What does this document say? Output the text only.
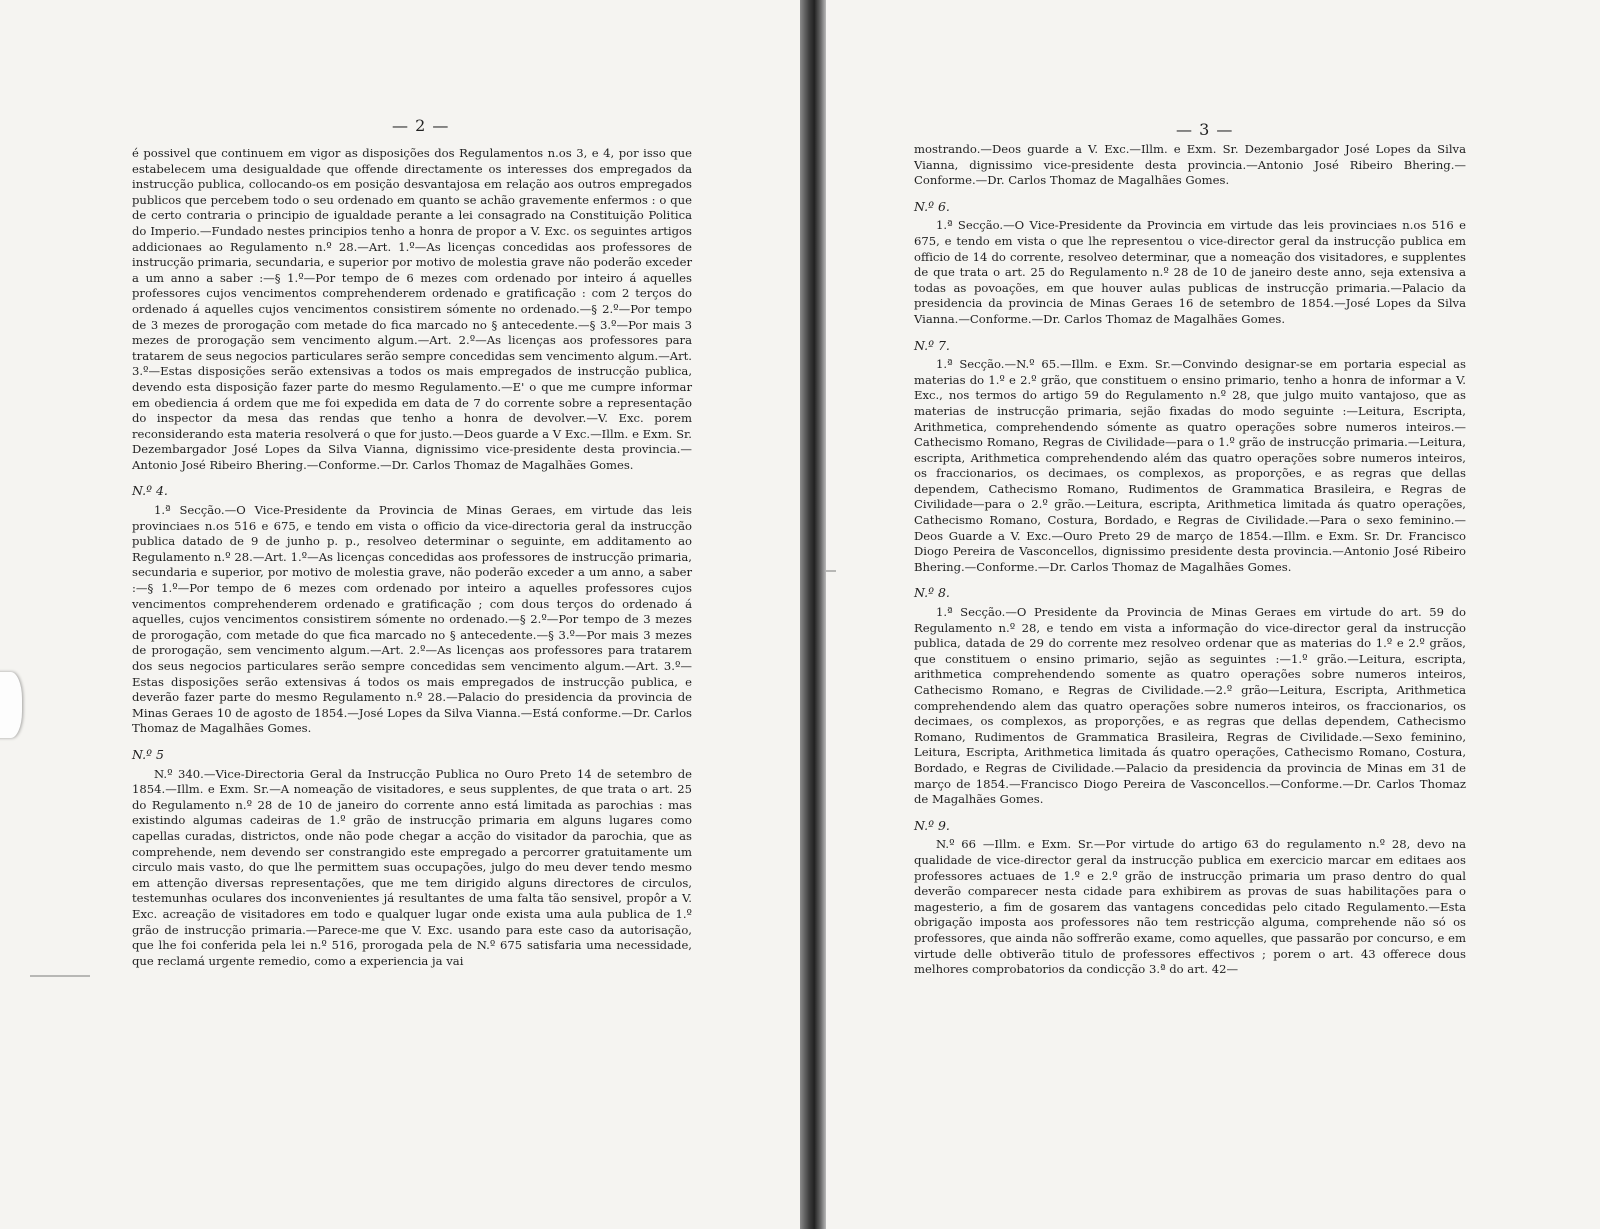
— 2 —

é possivel que continuem em vigor as disposições dos Regulamentos n.os 3, e 4, por isso que estabelecem uma desigualdade que offende directamente os interesses dos empregados da instrucção publica, collocando-os em posição desvantajosa em relação aos outros empregados publicos que percebem todo o seu ordenado em quanto se achão gravemente enfermos : o que de certo contraria o principio de igualdade perante a lei consagrado na Constituição Politica do Imperio.—Fundado nestes principios tenho a honra de propor a V. Exc. os seguintes artigos addicionaes ao Regulamento n.º 28.—Art. 1.º—As licenças concedidas aos professores de instrucção primaria, secundaria, e superior por motivo de molestia grave não poderão exceder a um anno a saber :—§ 1.º—Por tempo de 6 mezes com ordenado por inteiro á aquelles professores cujos vencimentos comprehenderem ordenado e gratificação : com 2 terços do ordenado á aquelles cujos vencimentos consistirem sómente no ordenado.—§ 2.º—Por tempo de 3 mezes de prorogação com metade do fica marcado no § antecedente.—§ 3.º—Por mais 3 mezes de prorogação sem vencimento algum.—Art. 2.º—As licenças aos professores para tratarem de seus negocios particulares serão sempre concedidas sem vencimento algum.—Art. 3.º—Estas disposições serão extensivas a todos os mais empregados de instrucção publica, devendo esta disposição fazer parte do mesmo Regulamento.—E' o que me cumpre informar em obediencia á ordem que me foi expedida em data de 7 do corrente sobre a representação do inspector da mesa das rendas que tenho a honra de devolver.—V. Exc. porem reconsiderando esta materia resolverá o que for justo.—Deos guarde a V Exc.—Illm. e Exm. Sr. Dezembargador José Lopes da Silva Vianna, dignissimo vice-presidente desta provincia.—Antonio José Ribeiro Bhering.—Conforme.—Dr. Carlos Thomaz de Magalhães Gomes.

N.º 4.

1.ª Secção.—O Vice-Presidente da Provincia de Minas Geraes, em virtude das leis provinciaes n.os 516 e 675, e tendo em vista o officio da vice-directoria geral da instrucção publica datado de 9 de junho p. p., resolveo determinar o seguinte, em additamento ao Regulamento n.º 28.—Art. 1.º—As licenças concedidas aos professores de instrucção primaria, secundaria e superior, por motivo de molestia grave, não poderão exceder a um anno, a saber :—§ 1.º—Por tempo de 6 mezes com ordenado por inteiro a aquelles professores cujos vencimentos comprehenderem ordenado e gratificação ; com dous terços do ordenado á aquelles, cujos vencimentos consistirem sómente no ordenado.—§ 2.º—Por tempo de 3 mezes de prorogação, com metade do que fica marcado no § antecedente.—§ 3.º—Por mais 3 mezes de prorogação, sem vencimento algum.—Art. 2.º—As licenças aos professores para tratarem dos seus negocios particulares serão sempre concedidas sem vencimento algum.—Art. 3.º—Estas disposições serão extensivas á todos os mais empregados de instrucção publica, e deverão fazer parte do mesmo Regulamento n.º 28.—Palacio do presidencia da provincia de Minas Geraes 10 de agosto de 1854.—José Lopes da Silva Vianna.—Está conforme.—Dr. Carlos Thomaz de Magalhães Gomes.

N.º 5

N.º 340.—Vice-Directoria Geral da Instrucção Publica no Ouro Preto 14 de setembro de 1854.—Illm. e Exm. Sr.—A nomeação de visitadores, e seus supplentes, de que trata o art. 25 do Regulamento n.º 28 de 10 de janeiro do corrente anno está limitada as parochias : mas existindo algumas cadeiras de 1.º grão de instrucção primaria em alguns lugares como capellas curadas, districtos, onde não pode chegar a acção do visitador da parochia, que as comprehende, nem devendo ser constrangido este empregado a percorrer gratuitamente um circulo mais vasto, do que lhe permittem suas occupações, julgo do meu dever tendo mesmo em attenção diversas representações, que me tem dirigido alguns directores de circulos, testemunhas oculares dos inconvenientes já resultantes de uma falta tão sensivel, propôr a V. Exc. acreação de visitadores em todo e qualquer lugar onde exista uma aula publica de 1.º grão de instrucção primaria.—Parece-me que V. Exc. usando para este caso da autorisação, que lhe foi conferida pela lei n.º 516, prorogada pela de N.º 675 satisfaria uma necessidade, que reclamá urgente remedio, como a experiencia ja vai

— 3 —

mostrando.—Deos guarde a V. Exc.—Illm. e Exm. Sr. Dezembargador José Lopes da Silva Vianna, dignissimo vice-presidente desta provincia.—Antonio José Ribeiro Bhering.—Conforme.—Dr. Carlos Thomaz de Magalhães Gomes.

N.º 6.

1.ª Secção.—O Vice-Presidente da Provincia em virtude das leis provinciaes n.os 516 e 675, e tendo em vista o que lhe representou o vice-director geral da instrucção publica em officio de 14 do corrente, resolveo determinar, que a nomeação dos visitadores, e supplentes de que trata o art. 25 do Regulamento n.º 28 de 10 de janeiro deste anno, seja extensiva a todas as povoações, em que houver aulas publicas de instrucção primaria.—Palacio da presidencia da provincia de Minas Geraes 16 de setembro de 1854.—José Lopes da Silva Vianna.—Conforme.—Dr. Carlos Thomaz de Magalhães Gomes.

N.º 7.

1.ª Secção.—N.º 65.—Illm. e Exm. Sr.—Convindo designar-se em portaria especial as materias do 1.º e 2.º grão, que constituem o ensino primario, tenho a honra de informar a V. Exc., nos termos do artigo 59 do Regulamento n.º 28, que julgo muito vantajoso, que as materias de instrucção primaria, sejão fixadas do modo seguinte :—Leitura, Escripta, Arithmetica, comprehendendo sómente as quatro operações sobre numeros inteiros.—Cathecismo Romano, Regras de Civilidade—para o 1.º grão de instrucção primaria.—Leitura, escripta, Arithmetica comprehendendo além das quatro operações sobre numeros inteiros, os fraccionarios, os decimaes, os complexos, as proporções, e as regras que dellas dependem, Cathecismo Romano, Rudimentos de Grammatica Brasileira, e Regras de Civilidade—para o 2.º grão.—Leitura, escripta, Arithmetica limitada ás quatro operações, Cathecismo Romano, Costura, Bordado, e Regras de Civilidade.—Para o sexo feminino.—Deos Guarde a V. Exc.—Ouro Preto 29 de março de 1854.—Illm. e Exm. Sr. Dr. Francisco Diogo Pereira de Vasconcellos, dignissimo presidente desta provincia.—Antonio José Ribeiro Bhering.—Conforme.—Dr. Carlos Thomaz de Magalhães Gomes.

N.º 8.

1.ª Secção.—O Presidente da Provincia de Minas Geraes em virtude do art. 59 do Regulamento n.º 28, e tendo em vista a informação do vice-director geral da instrucção publica, datada de 29 do corrente mez resolveo ordenar que as materias do 1.º e 2.º grãos, que constituem o ensino primario, sejão as seguintes :—1.º grão.—Leitura, escripta, arithmetica comprehendendo somente as quatro operações sobre numeros inteiros, Cathecismo Romano, e Regras de Civilidade.—2.º grão—Leitura, Escripta, Arithmetica comprehendendo alem das quatro operações sobre numeros inteiros, os fraccionarios, os decimaes, os complexos, as proporções, e as regras que dellas dependem, Cathecismo Romano, Rudimentos de Grammatica Brasileira, Regras de Civilidade.—Sexo feminino, Leitura, Escripta, Arithmetica limitada ás quatro operações, Cathecismo Romano, Costura, Bordado, e Regras de Civilidade.—Palacio da presidencia da provincia de Minas em 31 de março de 1854.—Francisco Diogo Pereira de Vasconcellos.—Conforme.—Dr. Carlos Thomaz de Magalhães Gomes.

N.º 9.

N.º 66 —Illm. e Exm. Sr.—Por virtude do artigo 63 do regulamento n.º 28, devo na qualidade de vice-director geral da instrucção publica em exercicio marcar em editaes aos professores actuaes de 1.º e 2.º grão de instrucção primaria um praso dentro do qual deverão comparecer nesta cidade para exhibirem as provas de suas habilitações para o magesterio, a fim de gosarem das vantagens concedidas pelo citado Regulamento.—Esta obrigação imposta aos professores não tem restricção alguma, comprehende não só os professores, que ainda não soffrerão exame, como aquelles, que passarão por concurso, e em virtude delle obtiverão titulo de professores effectivos ; porem o art. 43 offerece dous melhores comprobatorios da condicção 3.ª do art. 42—
